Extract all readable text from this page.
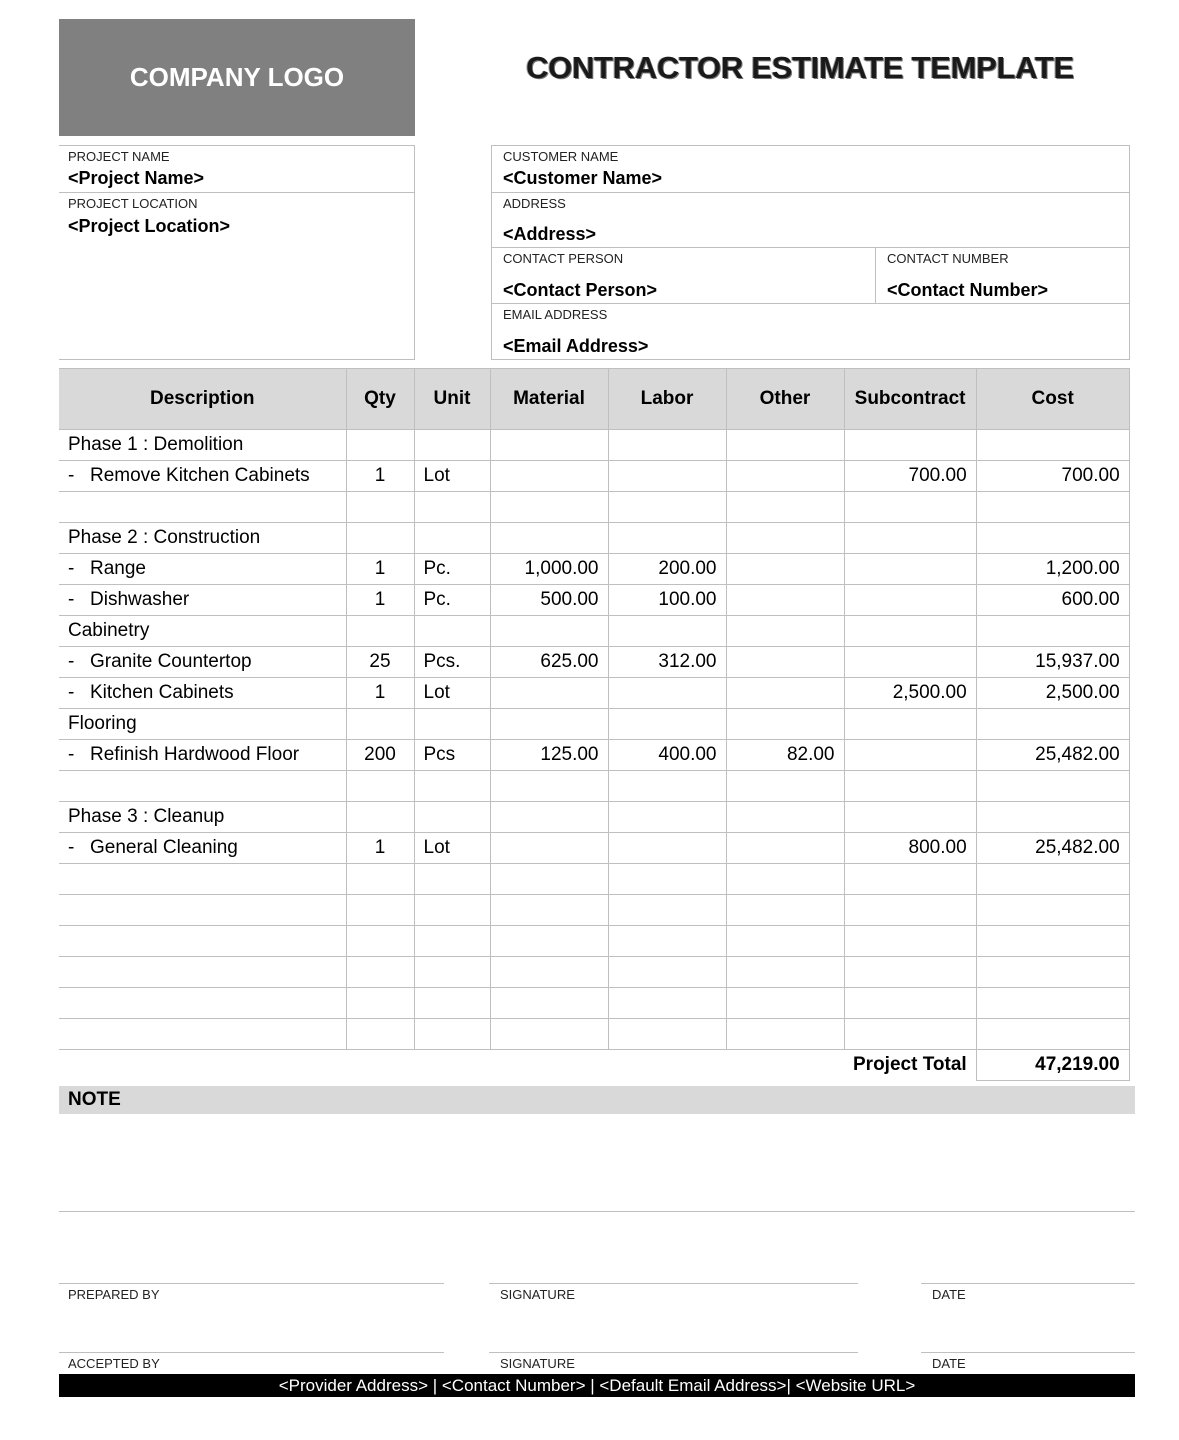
COMPANY LOGO	CONTRACTOR ESTIMATE TEMPLATE
PROJECT NAME
<Project Name>
PROJECT LOCATION
<Project Location>
CUSTOMER NAME
<Customer Name>
ADDRESS
<Address>
CONTACT PERSON
<Contact Person>
CONTACT NUMBER
<Contact Number>
EMAIL ADDRESS
<Email Address>
Description	Qty	Unit	Material	Labor	Other	Subcontract	Cost
Phase 1 : Demolition							
- Remove Kitchen Cabinets	1	Lot				700.00	700.00

Phase 2 : Construction							
- Range	1	Pc.	1,000.00	200.00			1,200.00
- Dishwasher	1	Pc.	500.00	100.00			600.00
Cabinetry							
- Granite Countertop	25	Pcs.	625.00	312.00			15,937.00
- Kitchen Cabinets	1	Lot				2,500.00	2,500.00
Flooring							
- Refinish Hardwood Floor	200	Pcs	125.00	400.00	82.00		25,482.00

Phase 3 : Cleanup							
- General Cleaning	1	Lot				800.00	25,482.00

						Project Total	47,219.00
NOTE
PREPARED BY	SIGNATURE	DATE
ACCEPTED BY	SIGNATURE	DATE
<Provider Address> | <Contact Number> | <Default Email Address>| <Website URL>
